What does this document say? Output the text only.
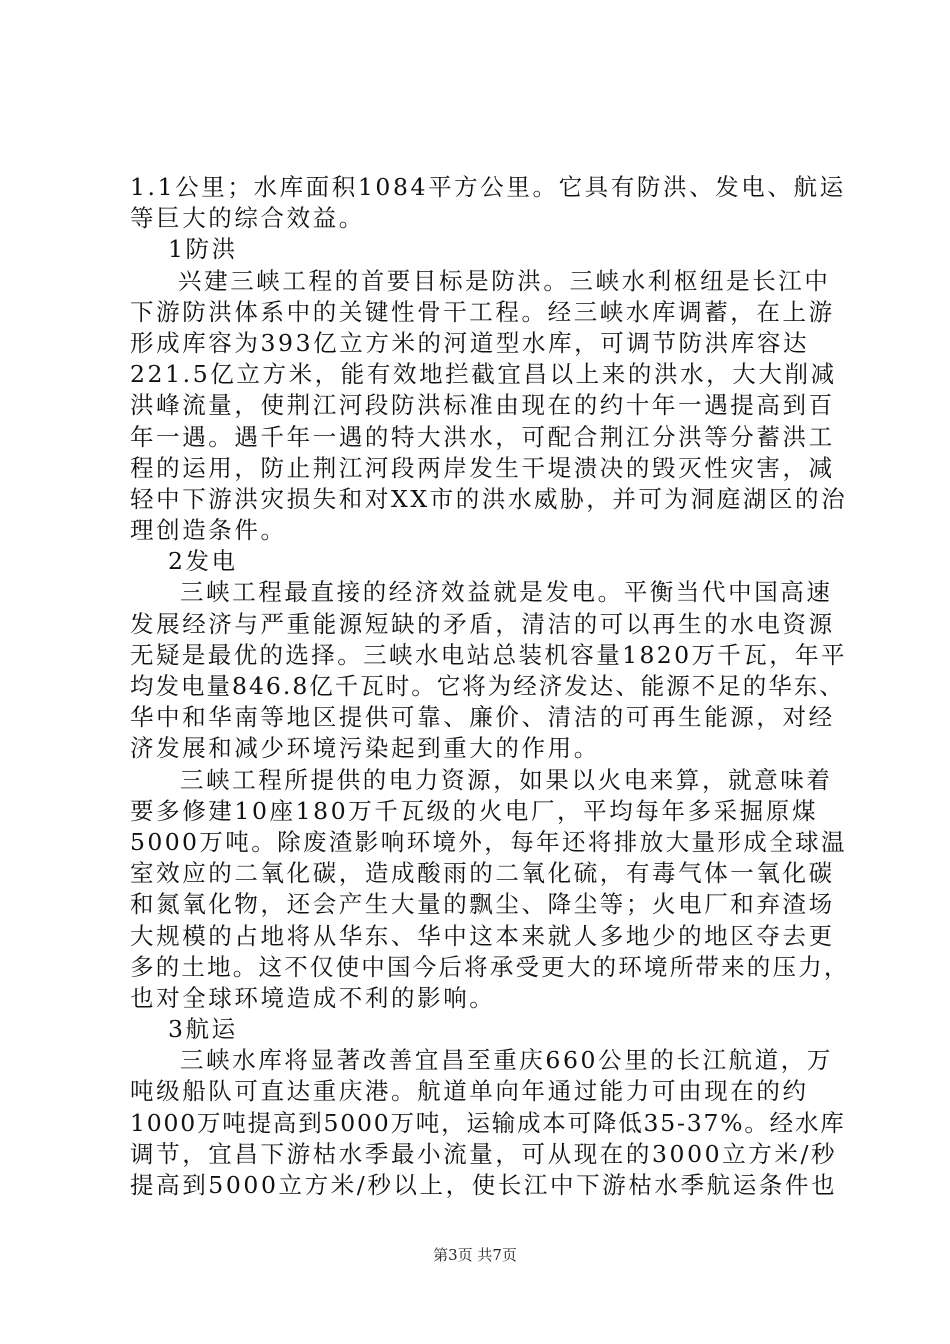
1.1公里；水库面积1084平方公里。它具有防洪、发电、航运
等巨大的综合效益。
1防洪
兴建三峡工程的首要目标是防洪。三峡水利枢纽是长江中
下游防洪体系中的关键性骨干工程。经三峡水库调蓄，在上游
形成库容为393亿立方米的河道型水库，可调节防洪库容达
221.5亿立方米，能有效地拦截宜昌以上来的洪水，大大削减
洪峰流量，使荆江河段防洪标准由现在的约十年一遇提高到百
年一遇。遇千年一遇的特大洪水，可配合荆江分洪等分蓄洪工
程的运用，防止荆江河段两岸发生干堤溃决的毁灭性灾害，减
轻中下游洪灾损失和对XX市的洪水威胁，并可为洞庭湖区的治
理创造条件。
2发电
三峡工程最直接的经济效益就是发电。平衡当代中国高速
发展经济与严重能源短缺的矛盾，清洁的可以再生的水电资源
无疑是最优的选择。三峡水电站总装机容量1820万千瓦，年平
均发电量846.8亿千瓦时。它将为经济发达、能源不足的华东、
华中和华南等地区提供可靠、廉价、清洁的可再生能源，对经
济发展和减少环境污染起到重大的作用。
三峡工程所提供的电力资源，如果以火电来算，就意味着
要多修建10座180万千瓦级的火电厂，平均每年多采掘原煤
5000万吨。除废渣影响环境外，每年还将排放大量形成全球温
室效应的二氧化碳，造成酸雨的二氧化硫，有毒气体一氧化碳
和氮氧化物，还会产生大量的飘尘、降尘等；火电厂和弃渣场
大规模的占地将从华东、华中这本来就人多地少的地区夺去更
多的土地。这不仅使中国今后将承受更大的环境所带来的压力，
也对全球环境造成不利的影响。
3航运
三峡水库将显著改善宜昌至重庆660公里的长江航道，万
吨级船队可直达重庆港。航道单向年通过能力可由现在的约
1000万吨提高到5000万吨，运输成本可降低35-37%。经水库
调节，宜昌下游枯水季最小流量，可从现在的3000立方米/秒
提高到5000立方米/秒以上，使长江中下游枯水季航运条件也
第3页 共7页
